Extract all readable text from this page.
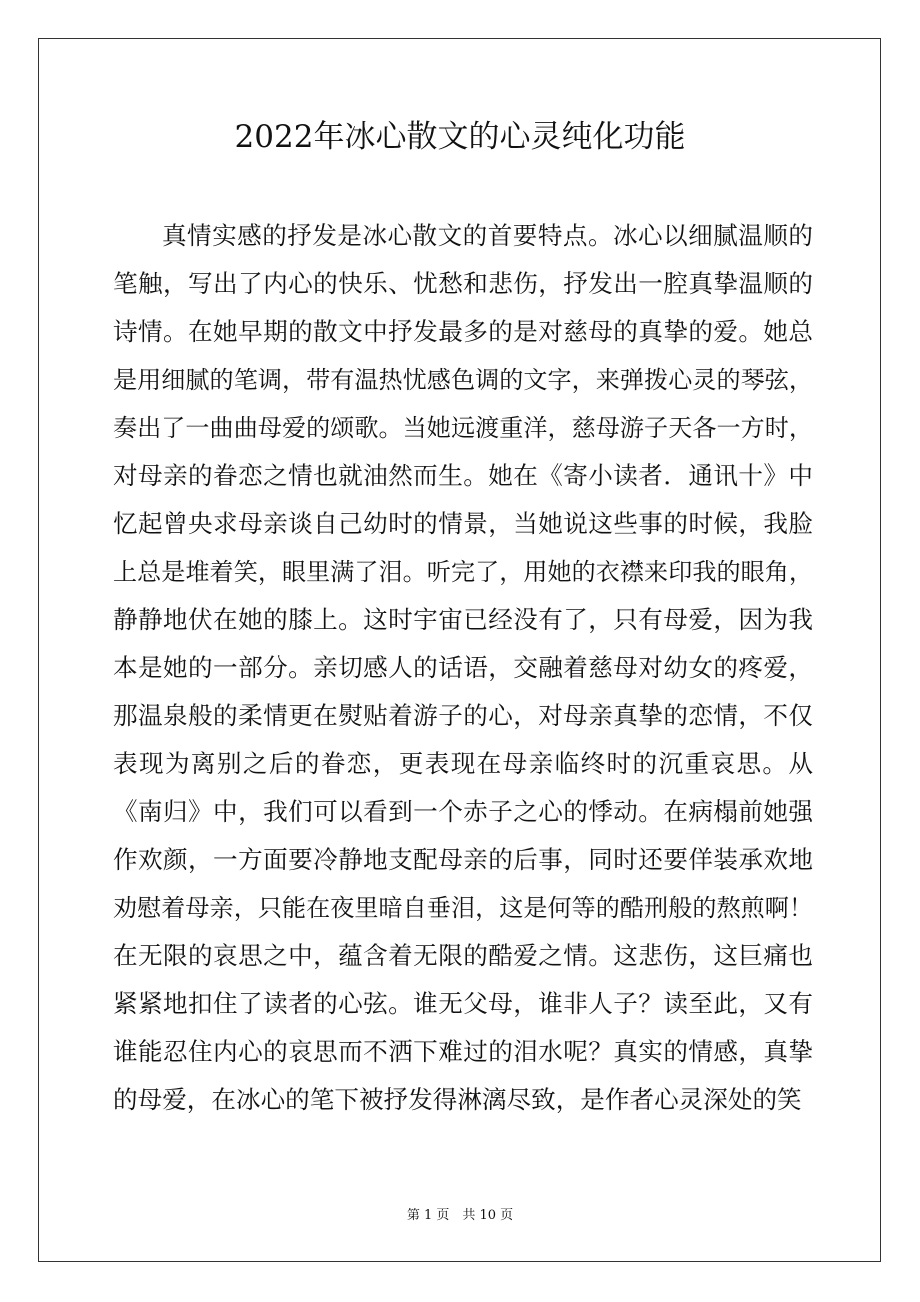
2022年冰心散文的心灵纯化功能
真情实感的抒发是冰心散文的首要特点。冰心以细腻温顺的
笔触，写出了内心的快乐、忧愁和悲伤，抒发出一腔真挚温顺的
诗情。在她早期的散文中抒发最多的是对慈母的真挚的爱。她总
是用细腻的笔调，带有温热忧感色调的文字，来弹拨心灵的琴弦，
奏出了一曲曲母爱的颂歌。当她远渡重洋，慈母游子天各一方时，
对母亲的眷恋之情也就油然而生。她在《寄小读者．通讯十》中
忆起曾央求母亲谈自己幼时的情景，当她说这些事的时候，我脸
上总是堆着笑，眼里满了泪。听完了，用她的衣襟来印我的眼角，
静静地伏在她的膝上。这时宇宙已经没有了，只有母爱，因为我
本是她的一部分。亲切感人的话语，交融着慈母对幼女的疼爱，
那温泉般的柔情更在熨贴着游子的心，对母亲真挚的恋情，不仅
表现为离别之后的眷恋，更表现在母亲临终时的沉重哀思。从
《南归》中，我们可以看到一个赤子之心的悸动。在病榻前她强
作欢颜，一方面要冷静地支配母亲的后事，同时还要佯装承欢地
劝慰着母亲，只能在夜里暗自垂泪，这是何等的酷刑般的熬煎啊！
在无限的哀思之中，蕴含着无限的酷爱之情。这悲伤，这巨痛也
紧紧地扣住了读者的心弦。谁无父母，谁非人子？读至此，又有
谁能忍住内心的哀思而不洒下难过的泪水呢？真实的情感，真挚
的母爱，在冰心的笔下被抒发得淋漓尽致，是作者心灵深处的笑
第 1 页　共 10 页
